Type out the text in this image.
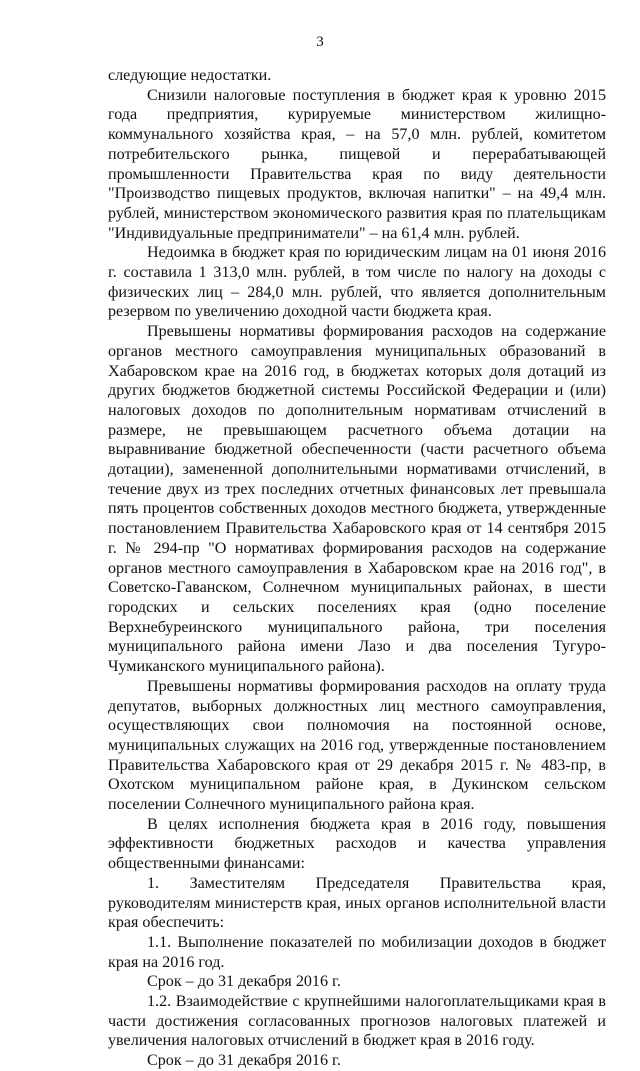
3

следующие недостатки.

Снизили налоговые поступления в бюджет края к уровню 2015 года предприятия, курируемые министерством жилищно-коммунального хозяйства края, – на 57,0 млн. рублей, комитетом потребительского рынка, пищевой и перерабатывающей промышленности Правительства края по виду деятельности "Производство пищевых продуктов, включая напитки" – на 49,4 млн. рублей, министерством экономического развития края по плательщикам "Индивидуальные предприниматели" – на 61,4 млн. рублей.

Недоимка в бюджет края по юридическим лицам на 01 июня 2016 г. составила 1 313,0 млн. рублей, в том числе по налогу на доходы с физических лиц – 284,0 млн. рублей, что является дополнительным резервом по увеличению доходной части бюджета края.

Превышены нормативы формирования расходов на содержание органов местного самоуправления муниципальных образований в Хабаровском крае на 2016 год, в бюджетах которых доля дотаций из других бюджетов бюджетной системы Российской Федерации и (или) налоговых доходов по дополнительным нормативам отчислений в размере, не превышающем расчетного объема дотации на выравнивание бюджетной обеспеченности (части расчетного объема дотации), замененной дополнительными нормативами отчислений, в течение двух из трех последних отчетных финансовых лет превышала пять процентов собственных доходов местного бюджета, утвержденные постановлением Правительства Хабаровского края от 14 сентября 2015 г. № 294-пр "О нормативах формирования расходов на содержание органов местного самоуправления в Хабаровском крае на 2016 год", в Советско-Гаванском, Солнечном муниципальных районах, в шести городских и сельских поселениях края (одно поселение Верхнебуреинского муниципального района, три поселения муниципального района имени Лазо и два поселения Тугуро-Чумиканского муниципального района).

Превышены нормативы формирования расходов на оплату труда депутатов, выборных должностных лиц местного самоуправления, осуществляющих свои полномочия на постоянной основе, муниципальных служащих на 2016 год, утвержденные постановлением Правительства Хабаровского края от 29 декабря 2015 г. № 483-пр, в Охотском муниципальном районе края, в Дукинском сельском поселении Солнечного муниципального района края.

В целях исполнения бюджета края в 2016 году, повышения эффективности бюджетных расходов и качества управления общественными финансами:

1. Заместителям Председателя Правительства края, руководителям министерств края, иных органов исполнительной власти края обеспечить:

1.1. Выполнение показателей по мобилизации доходов в бюджет края на 2016 год.

Срок – до 31 декабря 2016 г.

1.2. Взаимодействие с крупнейшими налогоплательщиками края в части достижения согласованных прогнозов налоговых платежей и увеличения налоговых отчислений в бюджет края в 2016 году.

Срок – до 31 декабря 2016 г.
